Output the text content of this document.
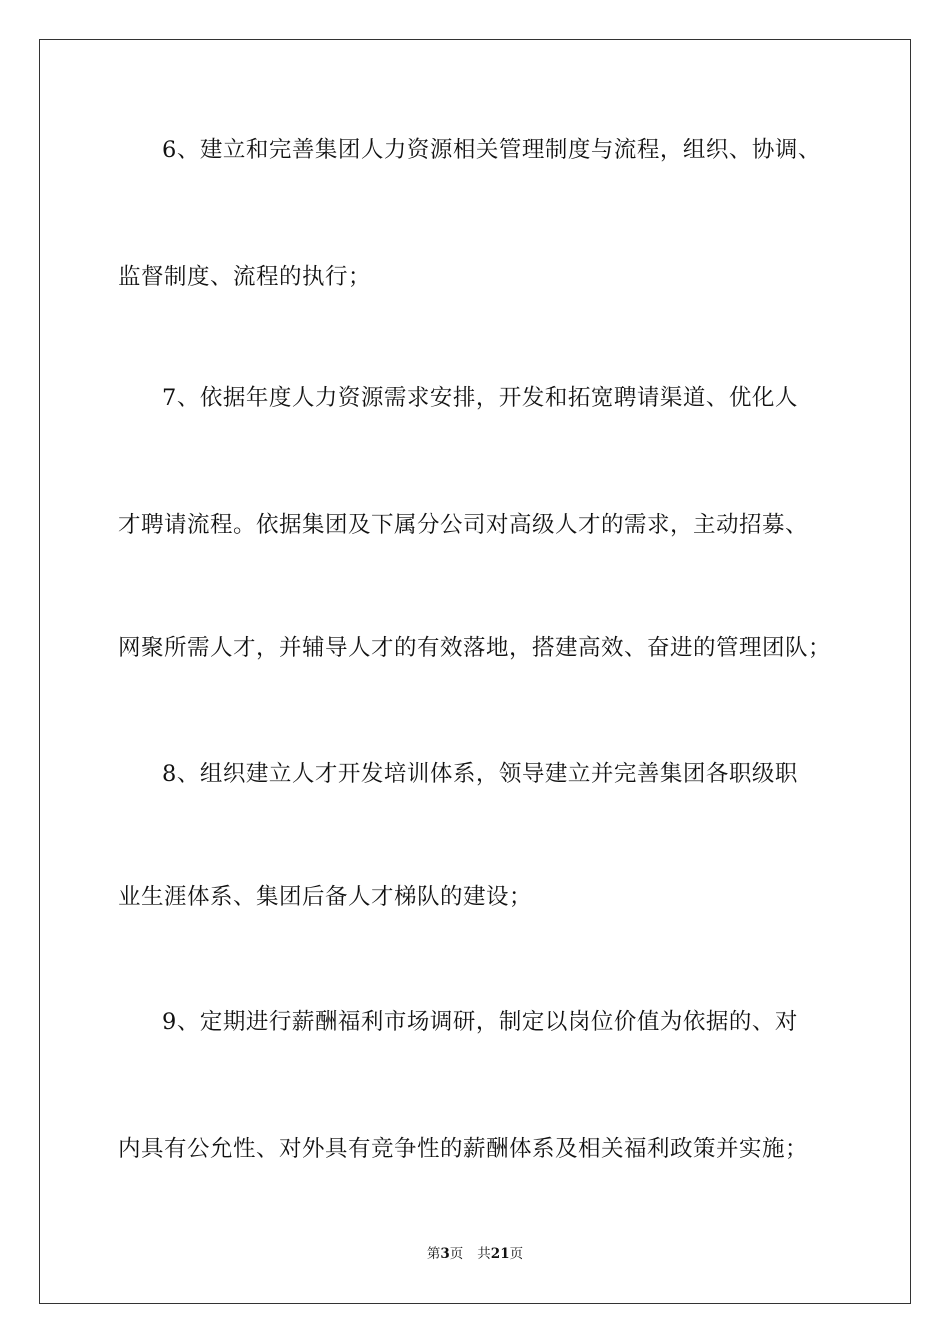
6、建立和完善集团人力资源相关管理制度与流程，组织、协调、
监督制度、流程的执行；
7、依据年度人力资源需求安排，开发和拓宽聘请渠道、优化人
才聘请流程。依据集团及下属分公司对高级人才的需求，主动招募、
网聚所需人才，并辅导人才的有效落地，搭建高效、奋进的管理团队；
8、组织建立人才开发培训体系，领导建立并完善集团各职级职
业生涯体系、集团后备人才梯队的建设；
9、定期进行薪酬福利市场调研，制定以岗位价值为依据的、对
内具有公允性、对外具有竞争性的薪酬体系及相关福利政策并实施；
第3页 共21页
